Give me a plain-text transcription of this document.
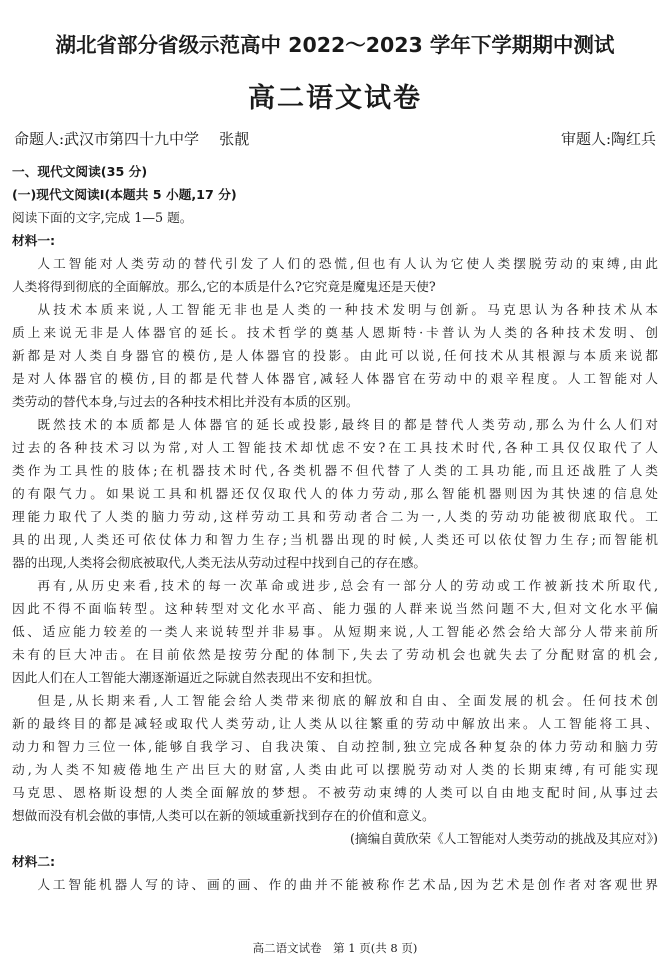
湖北省部分省级示范高中 2022～2023 学年下学期期中测试
高二语文试卷
命题人:武汉市第四十九中学 张靓	审题人:陶红兵
一、现代文阅读(35 分)
(一)现代文阅读Ⅰ(本题共 5 小题,17 分)
阅读下面的文字,完成 1—5 题。
材料一:
人工智能对人类劳动的替代引发了人们的恐慌,但也有人认为它使人类摆脱劳动的束缚,由此
人类将得到彻底的全面解放。那么,它的本质是什么?它究竟是魔鬼还是天使?
从技术本质来说,人工智能无非也是人类的一种技术发明与创新。马克思认为各种技术从本
质上来说无非是人体器官的延长。技术哲学的奠基人恩斯特·卡普认为人类的各种技术发明、创
新都是对人类自身器官的模仿,是人体器官的投影。由此可以说,任何技术从其根源与本质来说都
是对人体器官的模仿,目的都是代替人体器官,减轻人体器官在劳动中的艰辛程度。人工智能对人
类劳动的替代本身,与过去的各种技术相比并没有本质的区别。
既然技术的本质都是人体器官的延长或投影,最终目的都是替代人类劳动,那么为什么人们对
过去的各种技术习以为常,对人工智能技术却忧虑不安?在工具技术时代,各种工具仅仅取代了人
类作为工具性的肢体;在机器技术时代,各类机器不但代替了人类的工具功能,而且还战胜了人类
的有限气力。如果说工具和机器还仅仅取代人的体力劳动,那么智能机器则因为其快速的信息处
理能力取代了人类的脑力劳动,这样劳动工具和劳动者合二为一,人类的劳动功能被彻底取代。工
具的出现,人类还可依仗体力和智力生存;当机器出现的时候,人类还可以依仗智力生存;而智能机
器的出现,人类将会彻底被取代,人类无法从劳动过程中找到自己的存在感。
再有,从历史来看,技术的每一次革命或进步,总会有一部分人的劳动或工作被新技术所取代,
因此不得不面临转型。这种转型对文化水平高、能力强的人群来说当然问题不大,但对文化水平偏
低、适应能力较差的一类人来说转型并非易事。从短期来说,人工智能必然会给大部分人带来前所
未有的巨大冲击。在目前依然是按劳分配的体制下,失去了劳动机会也就失去了分配财富的机会,
因此人们在人工智能大潮逐渐逼近之际就自然表现出不安和担忧。
但是,从长期来看,人工智能会给人类带来彻底的解放和自由、全面发展的机会。任何技术创
新的最终目的都是减轻或取代人类劳动,让人类从以往繁重的劳动中解放出来。人工智能将工具、
动力和智力三位一体,能够自我学习、自我决策、自动控制,独立完成各种复杂的体力劳动和脑力劳
动,为人类不知疲倦地生产出巨大的财富,人类由此可以摆脱劳动对人类的长期束缚,有可能实现
马克思、恩格斯设想的人类全面解放的梦想。不被劳动束缚的人类可以自由地支配时间,从事过去
想做而没有机会做的事情,人类可以在新的领域重新找到存在的价值和意义。
(摘编自黄欣荣《人工智能对人类劳动的挑战及其应对》)
材料二:
人工智能机器人写的诗、画的画、作的曲并不能被称作艺术品,因为艺术是创作者对客观世界
高二语文试卷　第 1 页(共 8 页)
